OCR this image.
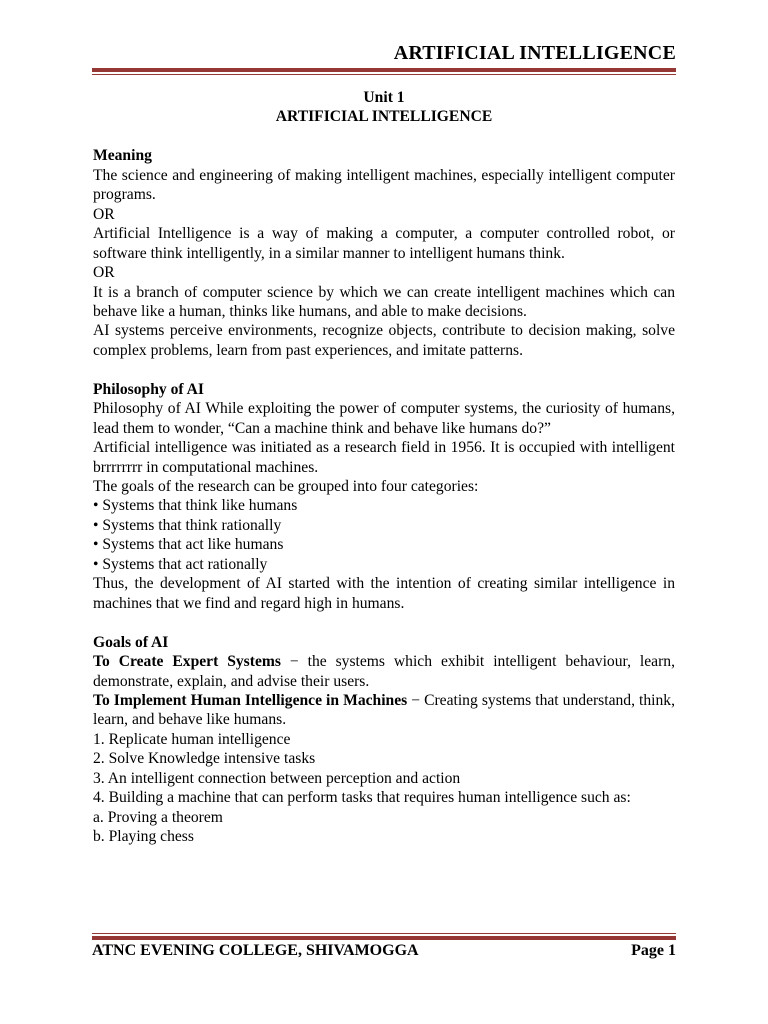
ARTIFICIAL INTELLIGENCE
Unit 1
ARTIFICIAL INTELLIGENCE
Meaning
The science and engineering of making intelligent machines, especially intelligent computer programs.
OR
Artificial Intelligence is a way of making a computer, a computer controlled robot, or software think intelligently, in a similar manner to intelligent humans think.
OR
It is a branch of computer science by which we can create intelligent machines which can behave like a human, thinks like humans, and able to make decisions.
AI systems perceive environments, recognize objects, contribute to decision making, solve complex problems, learn from past experiences, and imitate patterns.
Philosophy of AI
Philosophy of AI While exploiting the power of computer systems, the curiosity of humans, lead them to wonder, “Can a machine think and behave like humans do?”
Artificial intelligence was initiated as a research field in 1956. It is occupied with intelligent brrrrrrrr in computational machines.
The goals of the research can be grouped into four categories:
• Systems that think like humans
• Systems that think rationally
• Systems that act like humans
• Systems that act rationally
Thus, the development of AI started with the intention of creating similar intelligence in machines that we find and regard high in humans.
Goals of AI
To Create Expert Systems − the systems which exhibit intelligent behaviour, learn, demonstrate, explain, and advise their users.
To Implement Human Intelligence in Machines − Creating systems that understand, think, learn, and behave like humans.
1. Replicate human intelligence
2. Solve Knowledge intensive tasks
3. An intelligent connection between perception and action
4. Building a machine that can perform tasks that requires human intelligence such as:
a. Proving a theorem
b. Playing chess
ATNC EVENING COLLEGE, SHIVAMOGGA	Page 1
